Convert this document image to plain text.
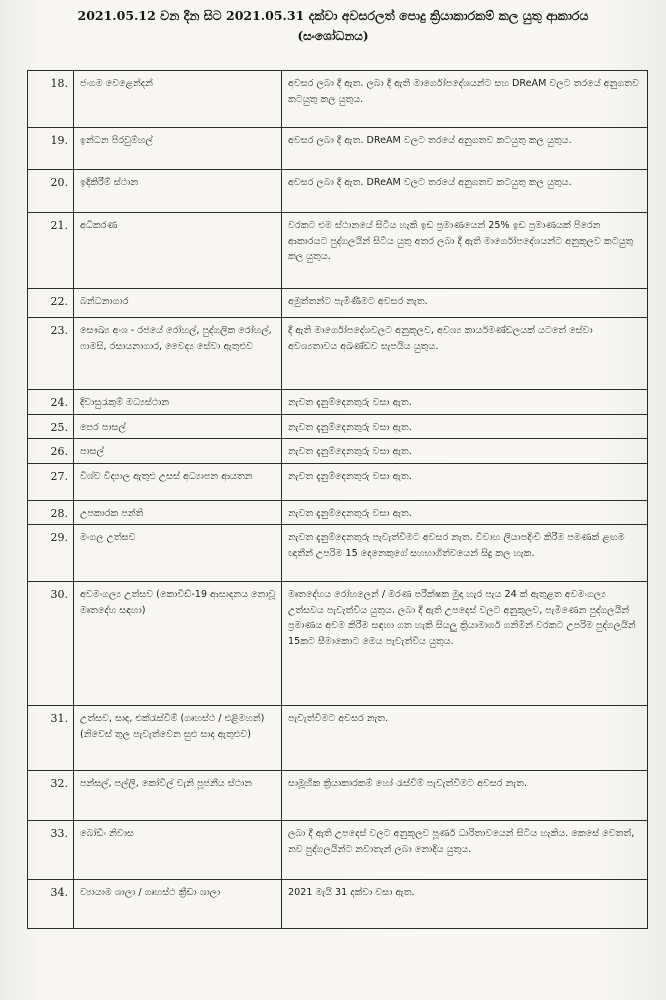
2021.05.12 වන දින සිට 2021.05.31 දක්වා අවසරලත් පොදු ක්‍රියාකාරකම් කල යුතු ආකාරය
(සංශෝධනය)
18.	ජංගම වෙළෙන්දන්	අවසර ලබා දී ඇත. ලබා දී ඇති මාර්ගෝපදේශයන්ට සහ DReAM වලට තරයේ අනුගතව කටයුතු කල යුතුය.
19.	ඉන්ධන පිරවුම්හල්	අවසර ලබා දී ඇත. DReAM වලට තරයේ අනුගතව කටයුතු කල යුතුය.
20.	ඉදිකිරීම් ස්ථාන	අවසර ලබා දී ඇත. DReAM වලට තරයේ අනුගතව කටයුතු කල යුතුය.
21.	අධිකරණ	වරකට එම ස්ථානයේ සිටිය හැකි ඉඩ ප්‍රමාණයෙන් 25% ඉඩ ප්‍රමාණයක් පිරෙන ආකාරයට පුද්ගලයින් සිටිය යුතු අතර ලබා දී ඇති මාර්ගෝපදේශයන්ට අනුකූලව කටයුතු කල යුතුය.
22.	බන්ධනාගාර	අමුත්තන්ට පැමිණීමට අවසර නැත.
23.	සෞඛ්‍ය අංශ - රජයේ රෝහල්, පුද්ගලික රෝහල්, ෆාමසි, රසායනාගාර, වෛද්‍ය සේවා ඇතුළුව	දී ඇති මාර්ගෝපදේශවලට අනුකූලව, අවශ්‍ය කාර්යමණ්ඩලයක් යටතේ සේවා අවශ්‍යතාවය අඛණ්ඩව සැපයිය යුතුය.
24.	දිවාසුරැකුම් මධ්‍යස්ථාන	නැවත දැනුම්දෙනතුරු වසා ඇත.
25.	පෙර පාසල්	නැවත දැනුම්දෙනතුරු වසා ඇත.
26.	පාසල්	නැවත දැනුම්දෙනතුරු වසා ඇත.
27.	විශ්ව විද්‍යාල ඇතුළු උසස් අධ්‍යාපන ආයතන	නැවත දැනුම්දෙනතුරු වසා ඇත.
28.	උපකාරක පන්ති	නැවත දැනුම්දෙනතුරු වසා ඇත.
29.	මංගල උත්සව	නැවත දැනුම්දෙනතුරු පැවැත්වීමට අවසර නැත. විවාහ ලියාපදිංචි කිරීම පමණක් ළඟම ඥාතීන් උපරිම 15 දෙනෙකුගේ සහභාගිත්වයෙන් සිදු කල හැක.
30.	අවමංගල්‍ය උත්සව (කොවිඩ්-19 ආසාදනය නොවූ මෘතදේහ සඳහා)	මෘතදේහය රෝහලෙන් / මරණ පරීක්ෂක මුදා හැර පැය 24 ක් ඇතුළත අවමංගල්‍ය උත්සවය පැවැත්විය යුතුය. ලබා දී ඇති උපදෙස් වලට අනුකූලව, පැමිණෙන පුද්ගලයින් ප්‍රමාණය අවම කිරීම සඳහා ගත හැකි සියලු ක්‍රියාමාර්ග ගනිමින් වරකට උපරිම පුද්ගලයින් 15කට සීමාකොට මෙය පැවැත්විය යුතුය.
31.	උත්සව, සාද, එක්රැස්වීම් (ගෘහස්ථ / එළිමහන්) (නිවෙස් තුල පැවැත්වෙන සුළු සාද ඇතුළුව)	පැවැත්වීමට අවසර නැත.
32.	පන්සල්, පල්ලි, කෝවිල් වැනි පූජනීය ස්ථාන	සාමූහික ක්‍රියාකාරකම් හෝ රැස්වීම් පැවැත්වීමට අවසර නැත.
33.	බෝඩිං නිවාස	ලබා දී ඇති උපදෙස් වලට අනුකූලව පූර්ණ ධාරිතාවයෙන් සිටිය හැකිය. කෙසේ වෙතත්, නව පුද්ගලයින්ට නවාතැන් ලබා නොදිය යුතුය.
34.	ව්‍යායාම ශාලා / ගෘහස්ථ ක්‍රීඩා ශාලා	2021 මැයි 31 දක්වා වසා ඇත.
